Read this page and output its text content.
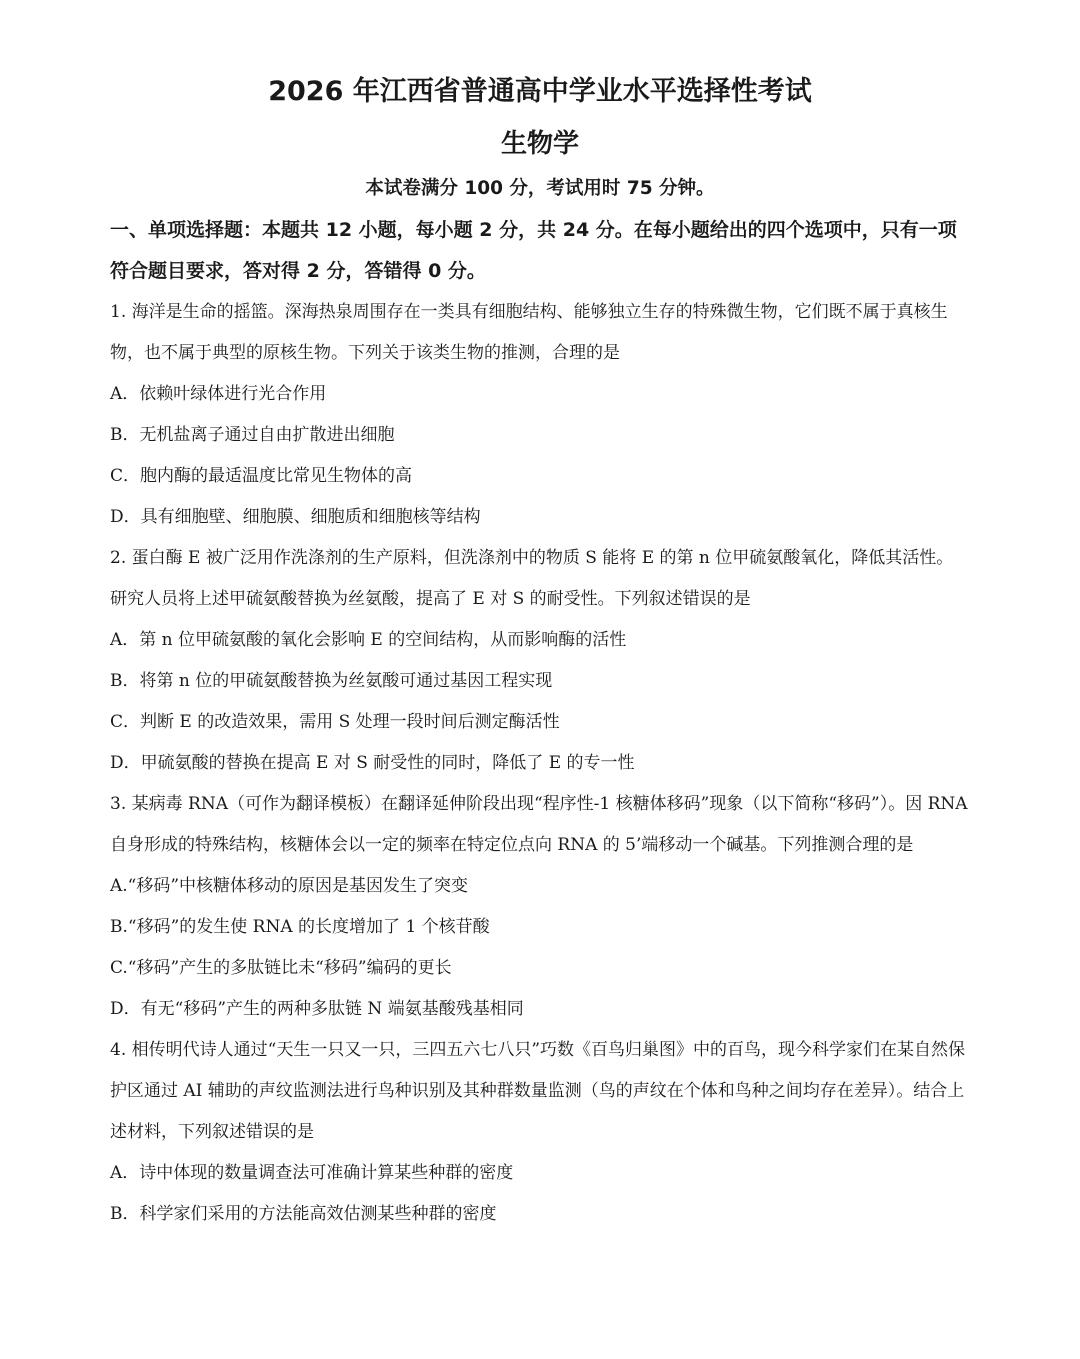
2026 年江西省普通高中学业水平选择性考试
生物学

本试卷满分 100 分，考试用时 75 分钟。

一、单项选择题：本题共 12 小题，每小题 2 分，共 24 分。在每小题给出的四个选项中，只有一项符合题目要求，答对得 2 分，答错得 0 分。

1. 海洋是生命的摇篮。深海热泉周围存在一类具有细胞结构、能够独立生存的特殊微生物，它们既不属于真核生物，也不属于典型的原核生物。下列关于该类生物的推测，合理的是

A．依赖叶绿体进行光合作用

B．无机盐离子通过自由扩散进出细胞

C．胞内酶的最适温度比常见生物体的高

D．具有细胞壁、细胞膜、细胞质和细胞核等结构

2. 蛋白酶 E 被广泛用作洗涤剂的生产原料，但洗涤剂中的物质 S 能将 E 的第 n 位甲硫氨酸氧化，降低其活性。研究人员将上述甲硫氨酸替换为丝氨酸，提高了 E 对 S 的耐受性。下列叙述错误的是

A．第 n 位甲硫氨酸的氧化会影响 E 的空间结构，从而影响酶的活性

B．将第 n 位的甲硫氨酸替换为丝氨酸可通过基因工程实现

C．判断 E 的改造效果，需用 S 处理一段时间后测定酶活性

D．甲硫氨酸的替换在提高 E 对 S 耐受性的同时，降低了 E 的专一性

3. 某病毒 RNA（可作为翻译模板）在翻译延伸阶段出现“程序性-1 核糖体移码”现象（以下简称“移码”）。因 RNA 自身形成的特殊结构，核糖体会以一定的频率在特定位点向 RNA 的 5’端移动一个碱基。下列推测合理的是

A.“移码”中核糖体移动的原因是基因发生了突变

B.“移码”的发生使 RNA 的长度增加了 1 个核苷酸

C.“移码”产生的多肽链比未“移码”编码的更长

D．有无“移码”产生的两种多肽链 N 端氨基酸残基相同

4. 相传明代诗人通过“天生一只又一只，三四五六七八只”巧数《百鸟归巢图》中的百鸟，现今科学家们在某自然保护区通过 AI 辅助的声纹监测法进行鸟种识别及其种群数量监测（鸟的声纹在个体和鸟种之间均存在差异）。结合上述材料，下列叙述错误的是

A．诗中体现的数量调查法可准确计算某些种群的密度

B．科学家们采用的方法能高效估测某些种群的密度
